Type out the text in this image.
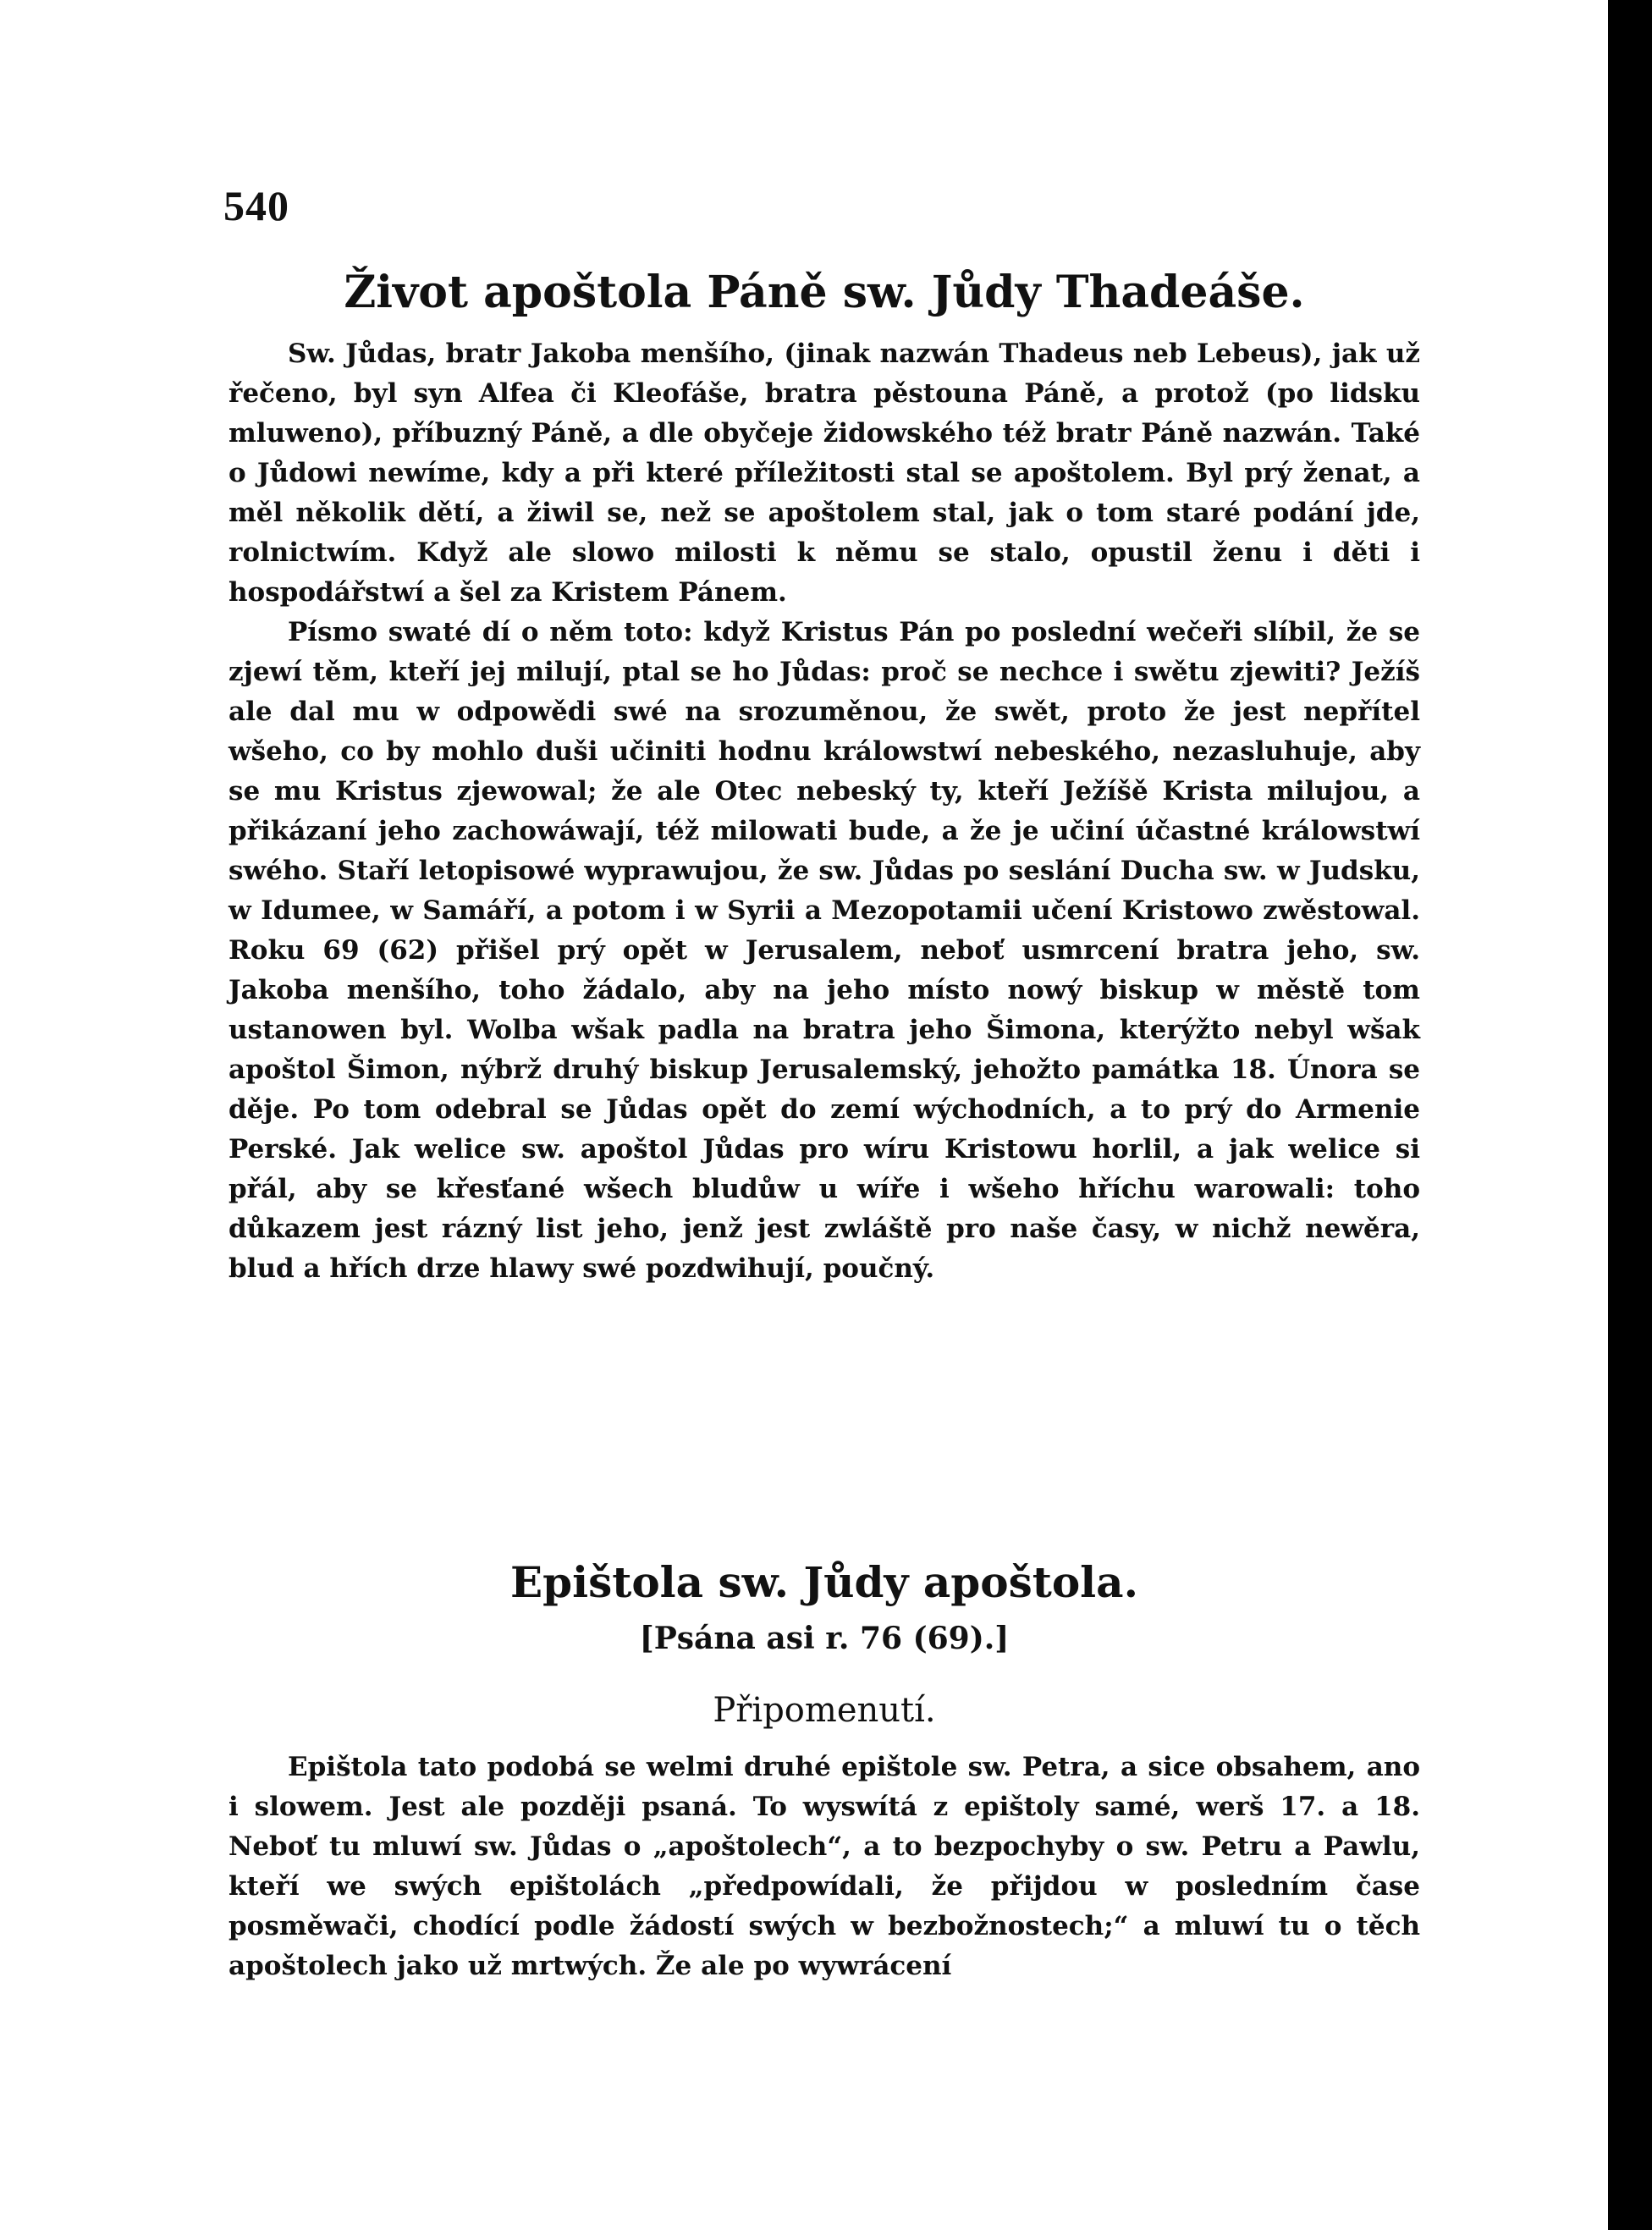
540
Život apoštola Páně sw. Jůdy Thadeáše.

Sw. Jůdas, bratr Jakoba menšího, (jinak nazwán Thadeus neb Lebeus), jak už řečeno, byl syn Alfea či Kleofáše, bratra pěstouna Páně, a protož (po lidsku mluweno), příbuzný Páně, a dle obyčeje židowského též bratr Páně nazwán. Také o Jůdowi newíme, kdy a při které příležitosti stal se apoštolem. Byl prý ženat, a měl několik dětí, a žiwil se, než se apoštolem stal, jak o tom staré podání jde, rolnictwím. Když ale slowo milosti k němu se stalo, opustil ženu i děti i hospodářstwí a šel za Kristem Pánem.

Písmo swaté dí o něm toto: když Kristus Pán po poslední wečeři slíbil, že se zjewí těm, kteří jej milují, ptal se ho Jůdas: proč se nechce i swětu zjewiti? Ježíš ale dal mu w odpowědi swé na srozuměnou, že swět, proto že jest nepřítel wšeho, co by mohlo duši učiniti hodnu králowstwí nebeského, nezasluhuje, aby se mu Kristus zjewowal; že ale Otec nebeský ty, kteří Ježíšě Krista milujou, a přikázaní jeho zachowáwají, též milowati bude, a že je učiní účastné králowstwí swého. Staří letopisowé wyprawujou, že sw. Jůdas po seslání Ducha sw. w Judsku, w Idumee, w Samáří, a potom i w Syrii a Mezopotamii učení Kristowo zwěstowal. Roku 69 (62) přišel prý opět w Jerusalem, neboť usmrcení bratra jeho, sw. Jakoba menšího, toho žádalo, aby na jeho místo nowý biskup w městě tom ustanowen byl. Wolba wšak padla na bratra jeho Šimona, kterýžto nebyl wšak apoštol Šimon, nýbrž druhý biskup Jerusalemský, jehožto památka 18. Února se děje. Po tom odebral se Jůdas opět do zemí wýchodních, a to prý do Armenie Perské. Jak welice sw. apoštol Jůdas pro wíru Kristowu horlil, a jak welice si přál, aby se křesťané wšech bludůw u wíře i wšeho hříchu warowali: toho důkazem jest rázný list jeho, jenž jest zwláště pro naše časy, w nichž newěra, blud a hřích drze hlawy swé pozdwihují, poučný.

Epištola sw. Jůdy apoštola.
[Psána asi r. 76 (69).]
Připomenutí.

Epištola tato podobá se welmi druhé epištole sw. Petra, a sice obsahem, ano i slowem. Jest ale později psaná. To wyswítá z epištoly samé, werš 17. a 18. Neboť tu mluwí sw. Jůdas o „apoštolech“, a to bezpochyby o sw. Petru a Pawlu, kteří we swých epištolách „předpowídali, že přijdou w posledním čase posměwači, chodící podle žádostí swých w bezbožnostech;“ a mluwí tu o těch apoštolech jako už mrtwých. Že ale po wywrácení
